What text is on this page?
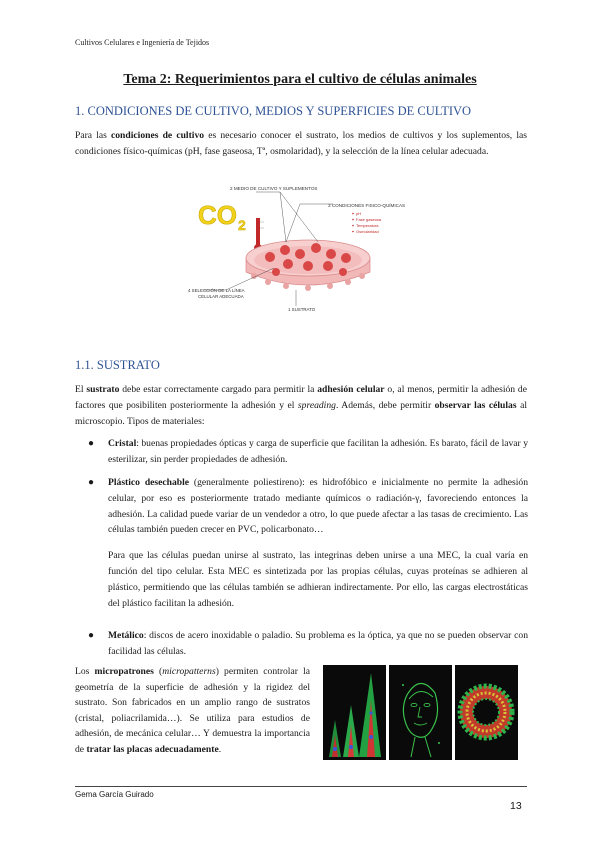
Cultivos Celulares e Ingeniería de Tejidos
Tema 2: Requerimientos para el cultivo de células animales
1. CONDICIONES DE CULTIVO, MEDIOS Y SUPERFICIES DE CULTIVO

Para las condiciones de cultivo es necesario conocer el sustrato, los medios de cultivos y los suplementos, las condiciones físico-químicas (pH, fase gaseosa, Tª, osmolaridad), y la selección de la línea celular adecuada.

CO 2
2 MEDIO DE CULTIVO Y SUPLEMENTOS
3 CONDICIONES FISICO-QUÍMICAS
pH
Fase gaseosa
Temperatura
Osmolaridad
4 SELECCIÓN DE LA LÍNEA
CELULAR ADECUADA
1 SUSTRATO
1.1. SUSTRATO

El sustrato debe estar correctamente cargado para permitir la adhesión celular o, al menos, permitir la adhesión de factores que posibiliten posteriormente la adhesión y el spreading. Además, debe permitir observar las células al microscopio. Tipos de materiales:

● Cristal: buenas propiedades ópticas y carga de superficie que facilitan la adhesión. Es barato, fácil de lavar y esterilizar, sin perder propiedades de adhesión.

● Plástico desechable (generalmente poliestireno): es hidrofóbico e inicialmente no permite la adhesión celular, por eso es posteriormente tratado mediante químicos o radiación-γ, favoreciendo entonces la adhesión. La calidad puede variar de un vendedor a otro, lo que puede afectar a las tasas de crecimiento. Las células también pueden crecer en PVC, policarbonato…

Para que las células puedan unirse al sustrato, las integrinas deben unirse a una MEC, la cual varía en función del tipo celular. Esta MEC es sintetizada por las propias células, cuyas proteínas se adhieren al plástico, permitiendo que las células también se adhieran indirectamente. Por ello, las cargas electrostáticas del plástico facilitan la adhesión.

● Metálico: discos de acero inoxidable o paladio. Su problema es la óptica, ya que no se pueden observar con facilidad las células.

Los micropatrones (micropatterns) permiten controlar la geometría de la superficie de adhesión y la rigidez del sustrato. Son fabricados en un amplio rango de sustratos (cristal, poliacrilamida…). Se utiliza para estudios de adhesión, de mecánica celular… Y demuestra la importancia de tratar las placas adecuadamente.

Gema García Guirado
13
